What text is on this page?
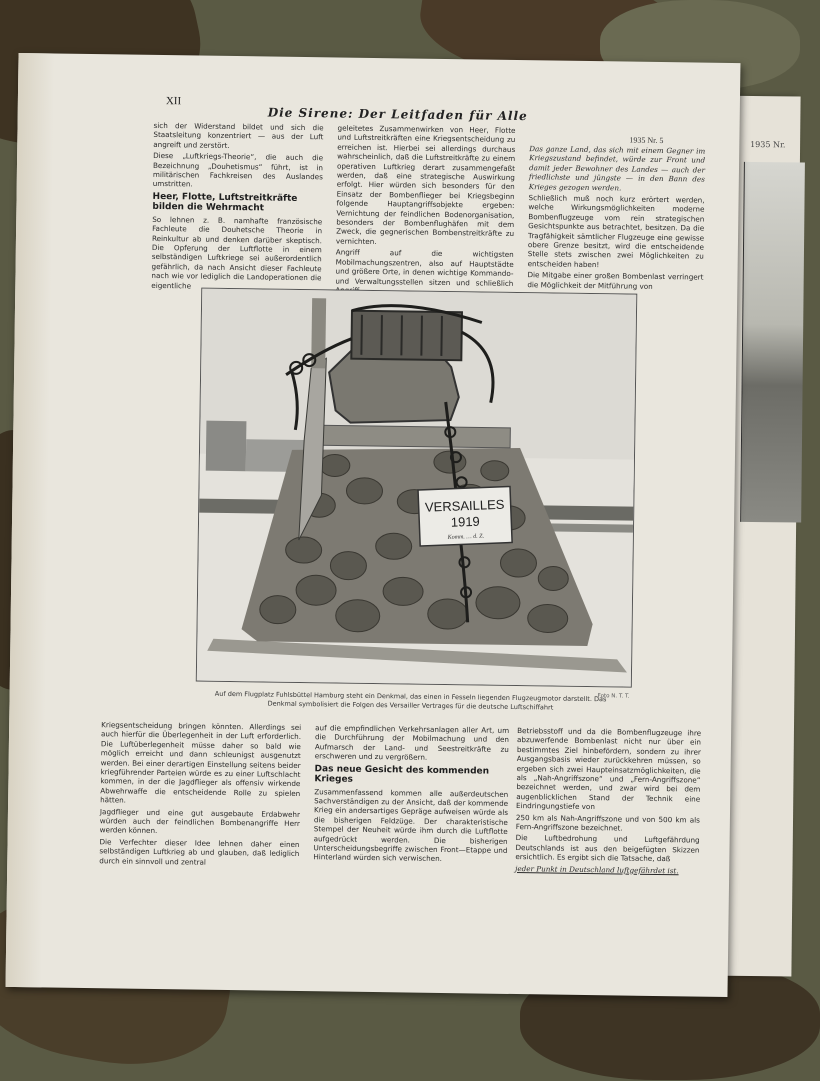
1935 Nr.
XII
Die Sirene: Der Leitfaden für Alle
1935 Nr. 5

sich der Widerstand bildet und sich die Staatsleitung konzentriert — aus der Luft angreift und zerstört.

Diese „Luftkriegs-Theorie“, die auch die Bezeichnung „Douhetismus“ führt, ist in militärischen Fachkreisen des Auslandes umstritten.

Heer, Flotte, Luftstreitkräfte bilden die Wehrmacht

So lehnen z. B. namhafte französische Fachleute die Douhetsche Theorie in Reinkultur ab und denken darüber skeptisch. Die Opferung der Luftflotte in einem selbständigen Luftkriege sei außerordentlich gefährlich, da nach Ansicht dieser Fachleute nach wie vor lediglich die Landoperationen die eigentliche

geleitetes Zusammenwirken von Heer, Flotte und Luftstreitkräften eine Kriegsentscheidung zu erreichen ist. Hierbei sei allerdings durchaus wahrscheinlich, daß die Luftstreitkräfte zu einem operativen Luftkrieg derart zusammengefaßt werden, daß eine strategische Auswirkung erfolgt. Hier würden sich besonders für den Einsatz der Bombenflieger bei Kriegsbeginn folgende Hauptangriffsobjekte ergeben: Vernichtung der feindlichen Bodenorganisation, besonders der Bombenflughäfen mit dem Zweck, die gegnerischen Bombenstreitkräfte zu vernichten.

Angriff auf die wichtigsten Mobilmachungszentren, also auf Hauptstädte und größere Orte, in denen wichtige Kommando- und Verwaltungsstellen sitzen und schließlich

Das ganze Land, das sich mit einem Gegner im Kriegszustand befindet, würde zur Front und damit jeder Bewohner des Landes — auch der friedlichste und jüngste — in den Bann des Krieges gezogen werden.

Schließlich muß noch kurz erörtert werden, welche Wirkungsmöglichkeiten moderne Bombenflugzeuge vom rein strategischen Gesichtspunkte aus betrachtet, besitzen. Da die Tragfähigkeit sämtlicher Flugzeuge eine gewisse obere Grenze besitzt, wird die entscheidende Stelle stets zwischen zwei Möglichkeiten zu entscheiden haben!

Die Mitgabe einer großen Bombenlast verringert die Möglichkeit der Mitführung von

VERSAILLES
1919
Komm. … d. Z.
Foto N. T. T.
Auf dem Flugplatz Fuhlsbüttel Hamburg steht ein Denkmal, das einen in Fesseln liegenden Flugzeugmotor darstellt. Das Denkmal symbolisiert die Folgen des Versailler Vertrages für die deutsche Luftschiffahrt

Kriegsentscheidung bringen könnten. Allerdings sei auch hierfür die Überlegenheit in der Luft erforderlich. Die Luftüberlegenheit müsse daher so bald wie möglich erreicht und dann schleunigst ausgenutzt werden. Bei einer derartigen Einstellung seitens beider kriegführender Parteien würde es zu einer Luftschlacht kommen, in der die Jagdflieger als offensiv wirkende Abwehrwaffe die entscheidende Rolle zu spielen hätten.

Jagdflieger und eine gut ausgebaute Erdabwehr würden auch der feindlichen Bombenangriffe Herr werden können.

Die Verfechter dieser Idee lehnen daher einen selbständigen Luftkrieg ab und glauben, daß lediglich durch ein sinnvoll und zentral

auf die empfindlichen Verkehrsanlagen aller Art, um die Durchführung der Mobilmachung und den Aufmarsch der Land- und Seestreitkräfte zu erschweren und zu vergrößern.

Das neue Gesicht des kommenden Krieges

Zusammenfassend kommen alle außerdeutschen Sachverständigen zu der Ansicht, daß der kommende Krieg ein andersartiges Gepräge aufweisen würde als die bisherigen Feldzüge. Der charakteristische Stempel der Neuheit würde ihm durch die Luftflotte aufgedrückt werden. Die bisherigen Unterscheidungsbegriffe zwischen Front—Etappe und Hinterland würden sich verwischen.

Betriebsstoff und da die Bombenflugzeuge ihre abzuwerfende Bombenlast nicht nur über ein bestimmtes Ziel hinbefördern, sondern zu ihrer Ausgangsbasis wieder zurückkehren müssen, so ergeben sich zwei Haupteinsatzmöglichkeiten, die als „Nah-Angriffszone“ und „Fern-Angriffszone“ bezeichnet werden, und zwar wird bei dem augenblicklichen Stand der Technik eine Eindringungstiefe von

250 km als Nah-Angriffszone und von 500 km als Fern-Angriffszone bezeichnet.

Die Luftbedrohung und Luftgefährdung Deutschlands ist aus den beigefügten Skizzen ersichtlich. Es ergibt sich die Tatsache, daß

jeder Punkt in Deutschland luftgefährdet ist.
